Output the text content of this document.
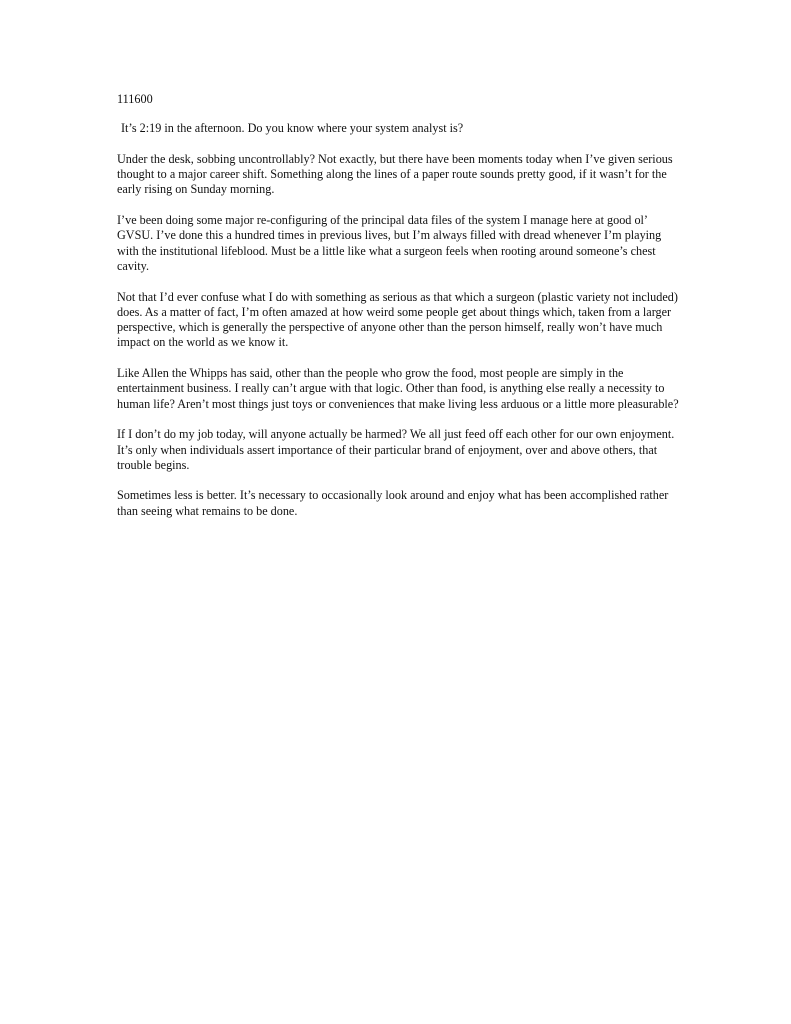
111600

It’s 2:19 in the afternoon. Do you know where your system analyst is?

Under the desk, sobbing uncontrollably? Not exactly, but there have been moments today when I’ve given serious thought to a major career shift. Something along the lines of a paper route sounds pretty good, if it wasn’t for the early rising on Sunday morning.

I’ve been doing some major re-configuring of the principal data files of the system I manage here at good ol’ GVSU. I’ve done this a hundred times in previous lives, but I’m always filled with dread whenever I’m playing with the institutional lifeblood. Must be a little like what a surgeon feels when rooting around someone’s chest cavity.

Not that I’d ever confuse what I do with something as serious as that which a surgeon (plastic variety not included) does. As a matter of fact, I’m often amazed at how weird some people get about things which, taken from a larger perspective, which is generally the perspective of anyone other than the person himself, really won’t have much impact on the world as we know it.

Like Allen the Whipps has said, other than the people who grow the food, most people are simply in the entertainment business. I really can’t argue with that logic. Other than food, is anything else really a necessity to human life? Aren’t most things just toys or conveniences that make living less arduous or a little more pleasurable?

If I don’t do my job today, will anyone actually be harmed? We all just feed off each other for our own enjoyment. It’s only when individuals assert importance of their particular brand of enjoyment, over and above others, that trouble begins.

Sometimes less is better. It’s necessary to occasionally look around and enjoy what has been accomplished rather than seeing what remains to be done.
